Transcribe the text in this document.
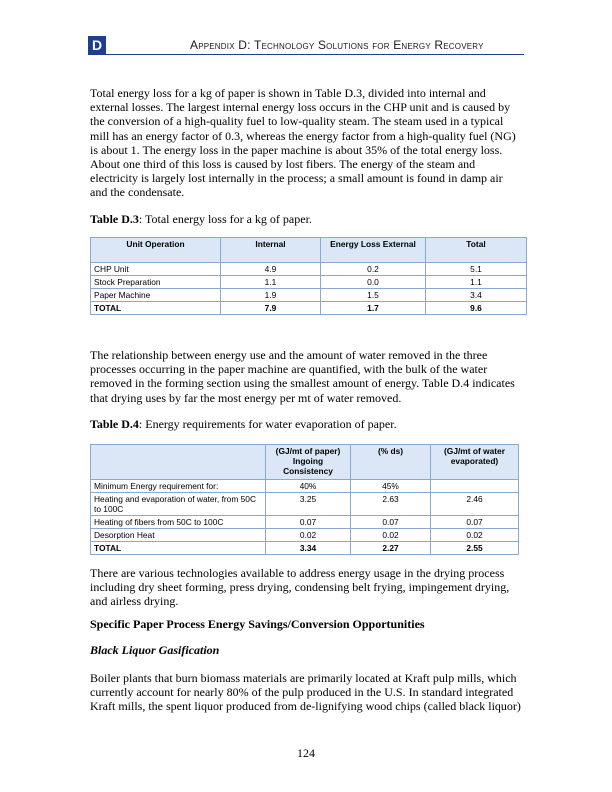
D	Appendix D: Technology Solutions for Energy Recovery
Total energy loss for a kg of paper is shown in Table D.3, divided into internal and external losses. The largest internal energy loss occurs in the CHP unit and is caused by the conversion of a high-quality fuel to low-quality steam. The steam used in a typical mill has an energy factor of 0.3, whereas the energy factor from a high-quality fuel (NG) is about 1. The energy loss in the paper machine is about 35% of the total energy loss. About one third of this loss is caused by lost fibers. The energy of the steam and electricity is largely lost internally in the process; a small amount is found in damp air and the condensate.
Table D.3: Total energy loss for a kg of paper.
Unit Operation	Internal	Energy Loss External	Total
CHP Unit	4.9	0.2	5.1
Stock Preparation	1.1	0.0	1.1
Paper Machine	1.9	1.5	3.4
TOTAL	7.9	1.7	9.6
The relationship between energy use and the amount of water removed in the three processes occurring in the paper machine are quantified, with the bulk of the water removed in the forming section using the smallest amount of energy. Table D.4 indicates that drying uses by far the most energy per mt of water removed.
Table D.4: Energy requirements for water evaporation of paper.
	(GJ/mt of paper) Ingoing Consistency	(% ds)	(GJ/mt of water evaporated)
Minimum Energy requirement for:	40%	45%	
Heating and evaporation of water, from 50C to 100C	3.25	2.63	2.46
Heating of fibers from 50C to 100C	0.07	0.07	0.07
Desorption Heat	0.02	0.02	0.02
TOTAL	3.34	2.27	2.55
There are various technologies available to address energy usage in the drying process including dry sheet forming, press drying, condensing belt frying, impingement drying, and airless drying.
Specific Paper Process Energy Savings/Conversion Opportunities
Black Liquor Gasification
Boiler plants that burn biomass materials are primarily located at Kraft pulp mills, which currently account for nearly 80% of the pulp produced in the U.S. In standard integrated Kraft mills, the spent liquor produced from de-lignifying wood chips (called black liquor)
124
